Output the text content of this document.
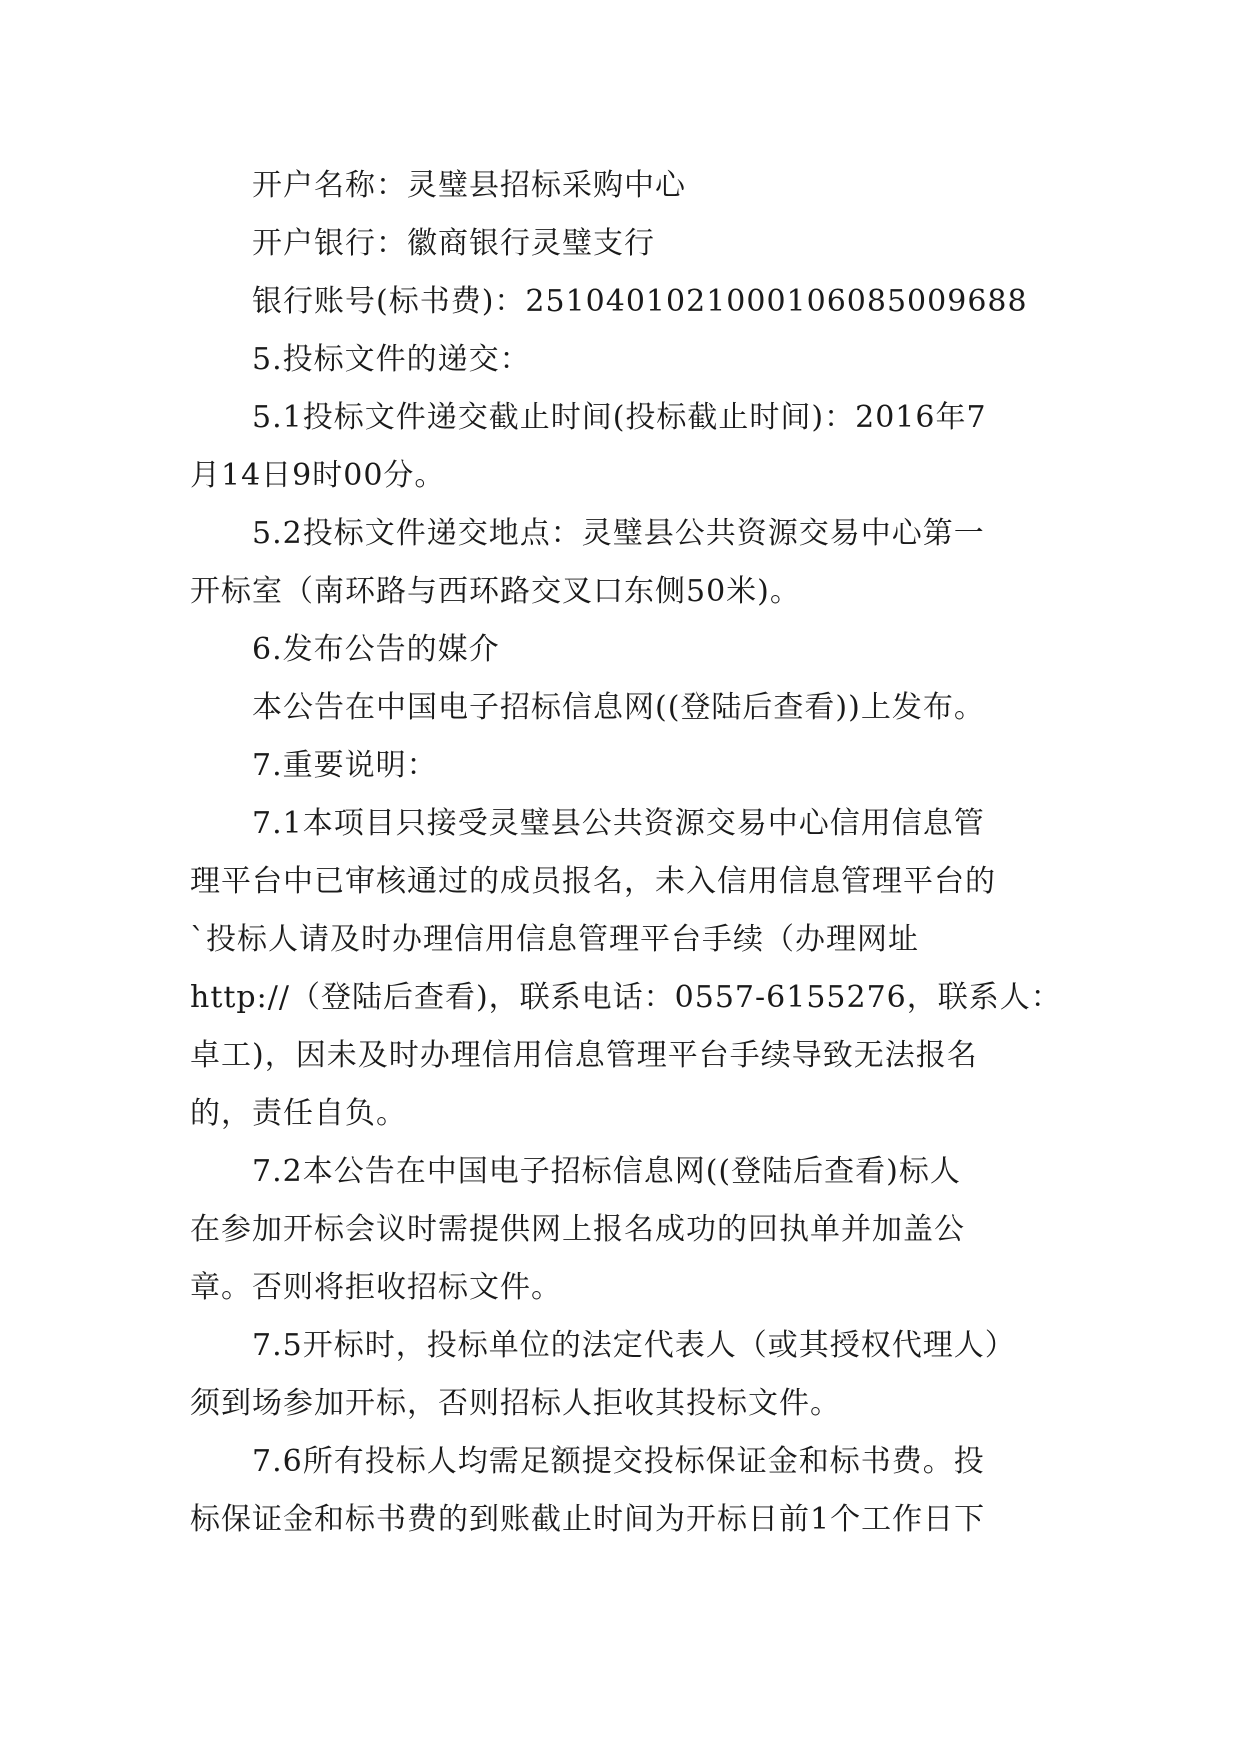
开户名称：灵璧县招标采购中心
开户银行：徽商银行灵璧支行
银行账号(标书费)：2510401021000106085009688
5.投标文件的递交：
5.1投标文件递交截止时间(投标截止时间)：2016年7
月14日9时00分。
5.2投标文件递交地点：灵璧县公共资源交易中心第一
开标室（南环路与西环路交叉口东侧50米)。
6.发布公告的媒介
本公告在中国电子招标信息网((登陆后查看))上发布。
7.重要说明：
7.1本项目只接受灵璧县公共资源交易中心信用信息管
理平台中已审核通过的成员报名，未入信用信息管理平台的
`投标人请及时办理信用信息管理平台手续（办理网址
http://（登陆后查看)，联系电话：0557-6155276，联系人：
卓工)，因未及时办理信用信息管理平台手续导致无法报名
的，责任自负。
7.2本公告在中国电子招标信息网((登陆后查看)标人
在参加开标会议时需提供网上报名成功的回执单并加盖公
章。否则将拒收招标文件。
7.5开标时，投标单位的法定代表人（或其授权代理人）
须到场参加开标，否则招标人拒收其投标文件。
7.6所有投标人均需足额提交投标保证金和标书费。投
标保证金和标书费的到账截止时间为开标日前1个工作日下
